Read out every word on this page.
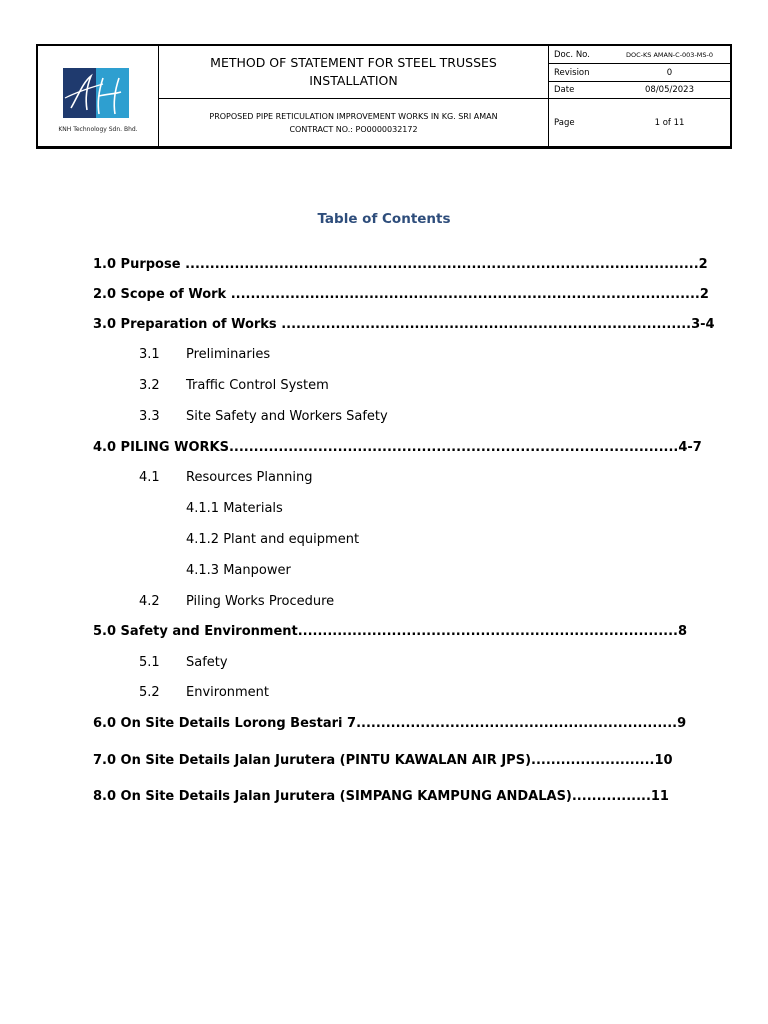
KNH Technology Sdn. Bhd.
METHOD OF STATEMENT FOR STEEL TRUSSES
INSTALLATION
PROPOSED PIPE RETICULATION IMPROVEMENT WORKS IN KG. SRI AMAN
CONTRACT NO.: PO0000032172
Doc. No.	DOC-KS AMAN-C-003-MS-0
Revision	0
Date	08/05/2023
Page	1 of 11
Table of Contents
1.0 Purpose ........................................................................................................2
2.0 Scope of Work ...............................................................................................2
3.0 Preparation of Works ...................................................................................3-4
3.1 Preliminaries
3.2 Traffic Control System
3.3 Site Safety and Workers Safety
4.0 PILING WORKS...........................................................................................4-7
4.1 Resources Planning
4.1.1 Materials
4.1.2 Plant and equipment
4.1.3 Manpower
4.2 Piling Works Procedure
5.0 Safety and Environment.............................................................................8
5.1 Safety
5.2 Environment
6.0 On Site Details Lorong Bestari 7.................................................................9
7.0 On Site Details Jalan Jurutera (PINTU KAWALAN AIR JPS).........................10
8.0 On Site Details Jalan Jurutera (SIMPANG KAMPUNG ANDALAS)................11
